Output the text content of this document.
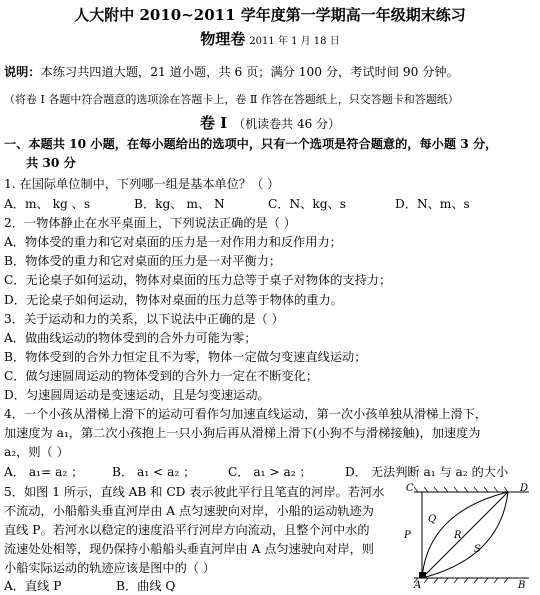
人大附中 2010~2011 学年度第一学期高一年级期末练习
物理卷 2011 年 1 月 18 日
说明：本练习共四道大题，21 道小题，共 6 页；满分 100 分，考试时间 90 分钟。
（将卷 Ⅰ 各题中符合题意的选项涂在答题卡上，卷 Ⅱ 作答在答题纸上，只交答题卡和答题纸）
卷 Ⅰ （机读卷共 46 分）
一、本题共 10 小题，在每小题给出的选项中，只有一个选项是符合题意的，每小题 3 分，
共 30 分
1. 在国际单位制中，下列哪一组是基本单位？（ ）
A．m、 kg 、s	B．kg、 m、 N	C．N、kg、s	D．N、m、s
2．一物体静止在水平桌面上，下列说法正确的是（ ）
A．物体受的重力和它对桌面的压力是一对作用力和反作用力；
B．物体受的重力和它对桌面的压力是一对平衡力；
C．无论桌子如何运动，物体对桌面的压力总等于桌子对物体的支持力；
D．无论桌子如何运动，物体对桌面的压力总等于物体的重力。
3．关于运动和力的关系，以下说法中正确的是（ ）
A．做曲线运动的物体受到的合外力可能为零；
B．物体受到的合外力恒定且不为零，物体一定做匀变速直线运动；
C．做匀速圆周运动的物体受到的合外力一定在不断变化；
D．匀速圆周运动是变速运动，且是匀变速运动。
4．一个小孩从滑梯上滑下的运动可看作匀加速直线运动，第一次小孩单独从滑梯上滑下，
加速度为 a₁，第二次小孩抱上一只小狗后再从滑梯上滑下(小狗不与滑梯接触)，加速度为
a₂，则（ ）
A． a₁= a₂ ； B． a₁ < a₂ ；	C． a₁ > a₂ ；	D． 无法判断 a₁ 与 a₂ 的大小
5．如图 1 所示，直线 AB 和 CD 表示彼此平行且笔直的河岸。若河水
不流动，小船船头垂直河岸由 A 点匀速驶向对岸，小船的运动轨迹为
直线 P。若河水以稳定的速度沿平行河岸方向流动，且整个河中水的
流速处处相等，现仍保持小船船头垂直河岸由 A 点匀速驶向对岸，则
小船实际运动的轨迹应该是图中的（ ）
A．直线 P	B．曲线 Q
C	D
A	B
P
Q
R
S
